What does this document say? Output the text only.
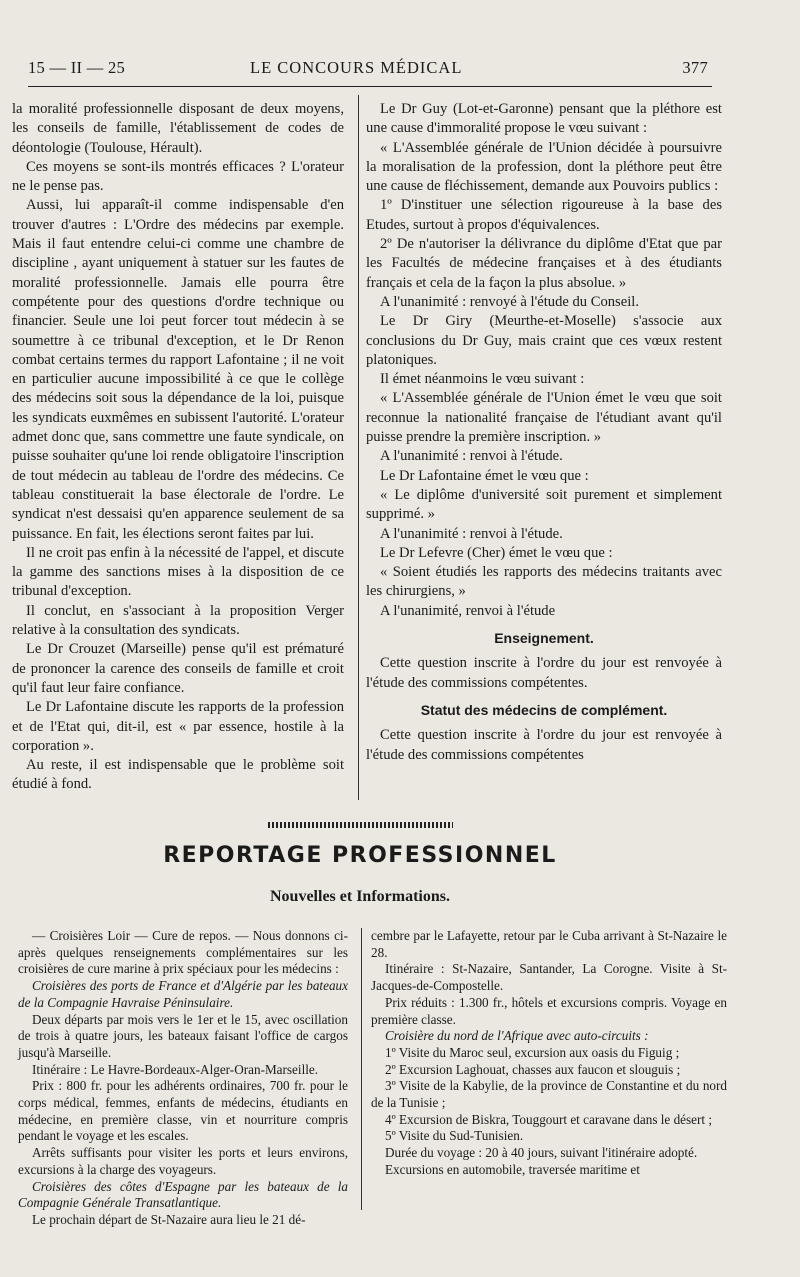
15 — II — 25	LE CONCOURS MÉDICAL	377

la moralité professionnelle disposant de deux moyens, les conseils de famille, l'établissement de codes de déontologie (Toulouse, Hérault).

Ces moyens se sont-ils montrés efficaces ? L'orateur ne le pense pas.

Aussi, lui apparaît-il comme indispensable d'en trouver d'autres : L'Ordre des médecins par exemple. Mais il faut entendre celui-ci comme une chambre de discipline , ayant uniquement à statuer sur les fautes de moralité professionnelle. Jamais elle pourra être compétente pour des questions d'ordre technique ou financier. Seule une loi peut forcer tout médecin à se soumettre à ce tribunal d'exception, et le Dr Renon combat certains termes du rapport Lafontaine ; il ne voit en particulier aucune impossibilité à ce que le collège des médecins soit sous la dépendance de la loi, puisque les syndicats euxmêmes en subissent l'autorité. L'orateur admet donc que, sans commettre une faute syndicale, on puisse souhaiter qu'une loi rende obligatoire l'inscription de tout médecin au tableau de l'ordre des médecins. Ce tableau constituerait la base électorale de l'ordre. Le syndicat n'est dessaisi qu'en apparence seulement de sa puissance. En fait, les élections seront faites par lui.

Il ne croit pas enfin à la nécessité de l'appel, et discute la gamme des sanctions mises à la disposition de ce tribunal d'exception.

Il conclut, en s'associant à la proposition Verger relative à la consultation des syndicats.

Le Dr Crouzet (Marseille) pense qu'il est prématuré de prononcer la carence des conseils de famille et croit qu'il faut leur faire confiance.

Le Dr Lafontaine discute les rapports de la profession et de l'Etat qui, dit-il, est « par essence, hostile à la corporation ».

Au reste, il est indispensable que le problème soit étudié à fond.

Le Dr Guy (Lot-et-Garonne) pensant que la pléthore est une cause d'immoralité propose le vœu suivant :

« L'Assemblée générale de l'Union décidée à poursuivre la moralisation de la profession, dont la pléthore peut être une cause de fléchissement, demande aux Pouvoirs publics :

1º D'instituer une sélection rigoureuse à la base des Etudes, surtout à propos d'équivalences.

2º De n'autoriser la délivrance du diplôme d'Etat que par les Facultés de médecine françaises et à des étudiants français et cela de la façon la plus absolue. »

A l'unanimité : renvoyé à l'étude du Conseil.

Le Dr Giry (Meurthe-et-Moselle) s'associe aux conclusions du Dr Guy, mais craint que ces vœux restent platoniques.

Il émet néanmoins le vœu suivant :

« L'Assemblée générale de l'Union émet le vœu que soit reconnue la nationalité française de l'étudiant avant qu'il puisse prendre la première inscription. »

A l'unanimité : renvoi à l'étude.

Le Dr Lafontaine émet le vœu que :

« Le diplôme d'université soit purement et simplement supprimé. »

A l'unanimité : renvoi à l'étude.

Le Dr Lefevre (Cher) émet le vœu que :

« Soient étudiés les rapports des médecins traitants avec les chirurgiens, »

A l'unanimité, renvoi à l'étude

Enseignement.

Cette question inscrite à l'ordre du jour est renvoyée à l'étude des commissions compétentes.

Statut des médecins de complément.

Cette question inscrite à l'ordre du jour est renvoyée à l'étude des commissions compétentes

REPORTAGE PROFESSIONNEL
Nouvelles et Informations.

— Croisières Loir — Cure de repos. — Nous donnons ci-après quelques renseignements complémentaires sur les croisières de cure marine à prix spéciaux pour les médecins :

Croisières des ports de France et d'Algérie par les bateaux de la Compagnie Havraise Péninsulaire.

Deux départs par mois vers le 1er et le 15, avec oscillation de trois à quatre jours, les bateaux faisant l'office de cargos jusqu'à Marseille.

Itinéraire : Le Havre-Bordeaux-Alger-Oran-Marseille.

Prix : 800 fr. pour les adhérents ordinaires, 700 fr. pour le corps médical, femmes, enfants de médecins, étudiants en médecine, en première classe, vin et nourriture compris pendant le voyage et les escales.

Arrêts suffisants pour visiter les ports et leurs environs, excursions à la charge des voyageurs.

Croisières des côtes d'Espagne par les bateaux de la Compagnie Générale Transatlantique.

Le prochain départ de St-Nazaire aura lieu le 21 dé-

cembre par le Lafayette, retour par le Cuba arrivant à St-Nazaire le 28.

Itinéraire : St-Nazaire, Santander, La Corogne. Visite à St-Jacques-de-Compostelle.

Prix réduits : 1.300 fr., hôtels et excursions compris. Voyage en première classe.

Croisière du nord de l'Afrique avec auto-circuits :

1º Visite du Maroc seul, excursion aux oasis du Figuig ;

2º Excursion Laghouat, chasses aux faucon et slouguis ;

3º Visite de la Kabylie, de la province de Constantine et du nord de la Tunisie ;

4º Excursion de Biskra, Touggourt et caravane dans le désert ;

5º Visite du Sud-Tunisien.

Durée du voyage : 20 à 40 jours, suivant l'itinéraire adopté.

Excursions en automobile, traversée maritime et
